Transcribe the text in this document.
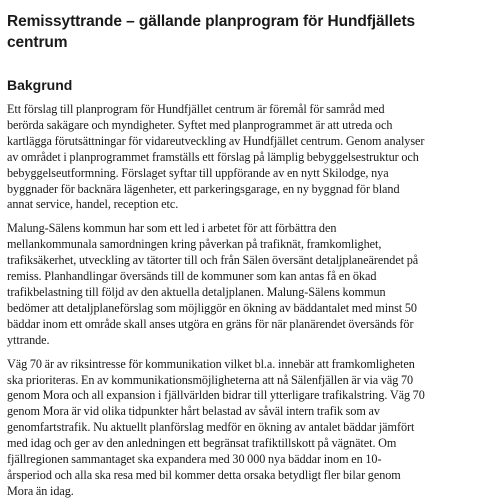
Remissyttrande – gällande planprogram för Hundfjällets
centrum
Bakgrund

Ett förslag till planprogram för Hundfjället centrum är föremål för samråd med
berörda sakägare och myndigheter. Syftet med planprogrammet är att utreda och
kartlägga förutsättningar för vidareutveckling av Hundfjället centrum. Genom analyser
av området i planprogrammet framställs ett förslag på lämplig bebyggelsestruktur och
bebyggelseutformning. Förslaget syftar till uppförande av en nytt Skilodge, nya
byggnader för backnära lägenheter, ett parkeringsgarage, en ny byggnad för bland
annat service, handel, reception etc.

Malung-Sälens kommun har som ett led i arbetet för att förbättra den
mellankommunala samordningen kring påverkan på trafiknät, framkomlighet,
trafiksäkerhet, utveckling av tätorter till och från Sälen översänt detaljplaneärendet på
remiss. Planhandlingar översänds till de kommuner som kan antas få en ökad
trafikbelastning till följd av den aktuella detaljplanen. Malung-Sälens kommun
bedömer att detaljplaneförslag som möjliggör en ökning av bäddantalet med minst 50
bäddar inom ett område skall anses utgöra en gräns för när planärendet översänds för
yttrande.

Väg 70 är av riksintresse för kommunikation vilket bl.a. innebär att framkomligheten
ska prioriteras. En av kommunikationsmöjligheterna att nå Sälenfjällen är via väg 70
genom Mora och all expansion i fjällvärlden bidrar till ytterligare trafikalstring. Väg 70
genom Mora är vid olika tidpunkter hårt belastad av såväl intern trafik som av
genomfartstrafik. Nu aktuellt planförslag medför en ökning av antalet bäddar jämfört
med idag och ger av den anledningen ett begränsat trafiktillskott på vägnätet. Om
fjällregionen sammantaget ska expandera med 30 000 nya bäddar inom en 10-
årsperiod och alla ska resa med bil kommer detta orsaka betydligt fler bilar genom
Mora än idag.
